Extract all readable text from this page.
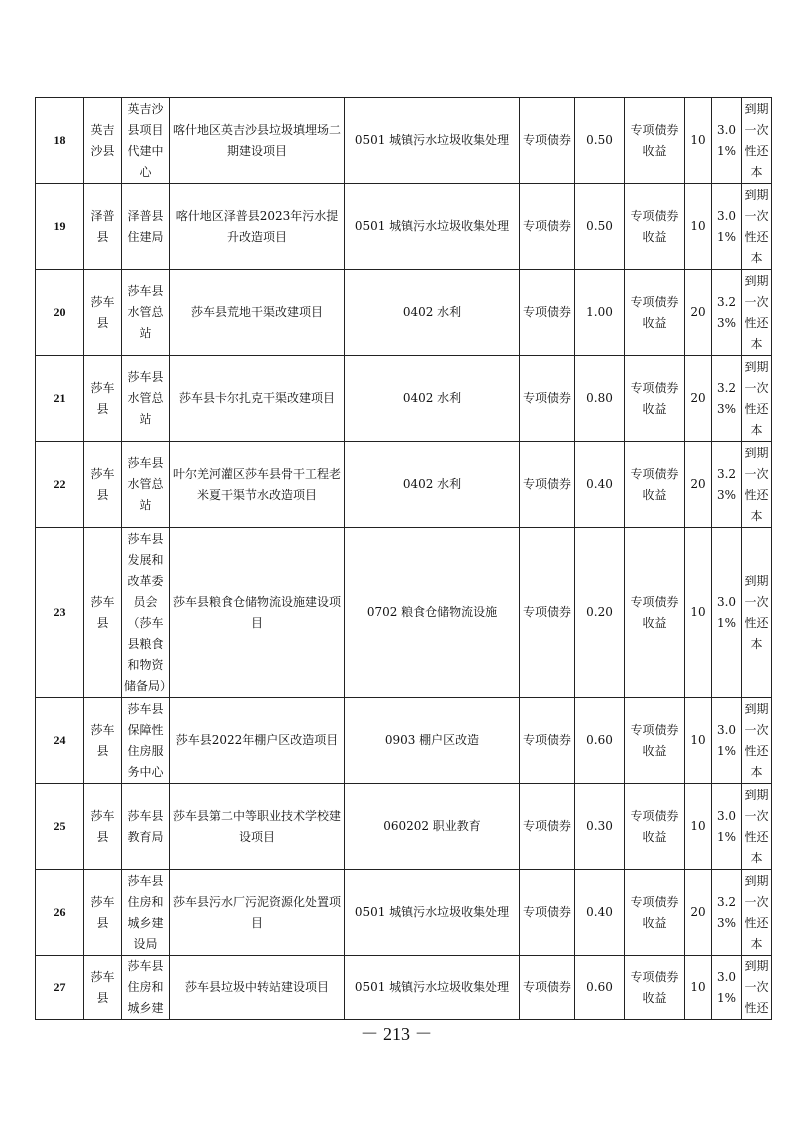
18	英吉沙县	英吉沙县项目代建中心	喀什地区英吉沙县垃圾填埋场二期建设项目	0501 城镇污水垃圾收集处理	专项债券	0.50	专项债券收益	10	3.01%	到期一次性还本
19	泽普县	泽普县住建局	喀什地区泽普县2023年污水提升改造项目	0501 城镇污水垃圾收集处理	专项债券	0.50	专项债券收益	10	3.01%	到期一次性还本
20	莎车县	莎车县水管总站	莎车县荒地干渠改建项目	0402 水利	专项债券	1.00	专项债券收益	20	3.23%	到期一次性还本
21	莎车县	莎车县水管总站	莎车县卡尔扎克干渠改建项目	0402 水利	专项债券	0.80	专项债券收益	20	3.23%	到期一次性还本
22	莎车县	莎车县水管总站	叶尔羌河灌区莎车县骨干工程老米夏干渠节水改造项目	0402 水利	专项债券	0.40	专项债券收益	20	3.23%	到期一次性还本
23	莎车县	莎车县发展和改革委员会（莎车县粮食和物资储备局）	莎车县粮食仓储物流设施建设项目	0702 粮食仓储物流设施	专项债券	0.20	专项债券收益	10	3.01%	到期一次性还本
24	莎车县	莎车县保障性住房服务中心	莎车县2022年棚户区改造项目	0903 棚户区改造	专项债券	0.60	专项债券收益	10	3.01%	到期一次性还本
25	莎车县	莎车县教育局	莎车县第二中等职业技术学校建设项目	060202 职业教育	专项债券	0.30	专项债券收益	10	3.01%	到期一次性还本
26	莎车县	莎车县住房和城乡建设局	莎车县污水厂污泥资源化处置项目	0501 城镇污水垃圾收集处理	专项债券	0.40	专项债券收益	20	3.23%	到期一次性还本
27	莎车县	莎车县住房和城乡建	莎车县垃圾中转站建设项目	0501 城镇污水垃圾收集处理	专项债券	0.60	专项债券收益	10	3.01%	到期一次性还
－ 213 －
